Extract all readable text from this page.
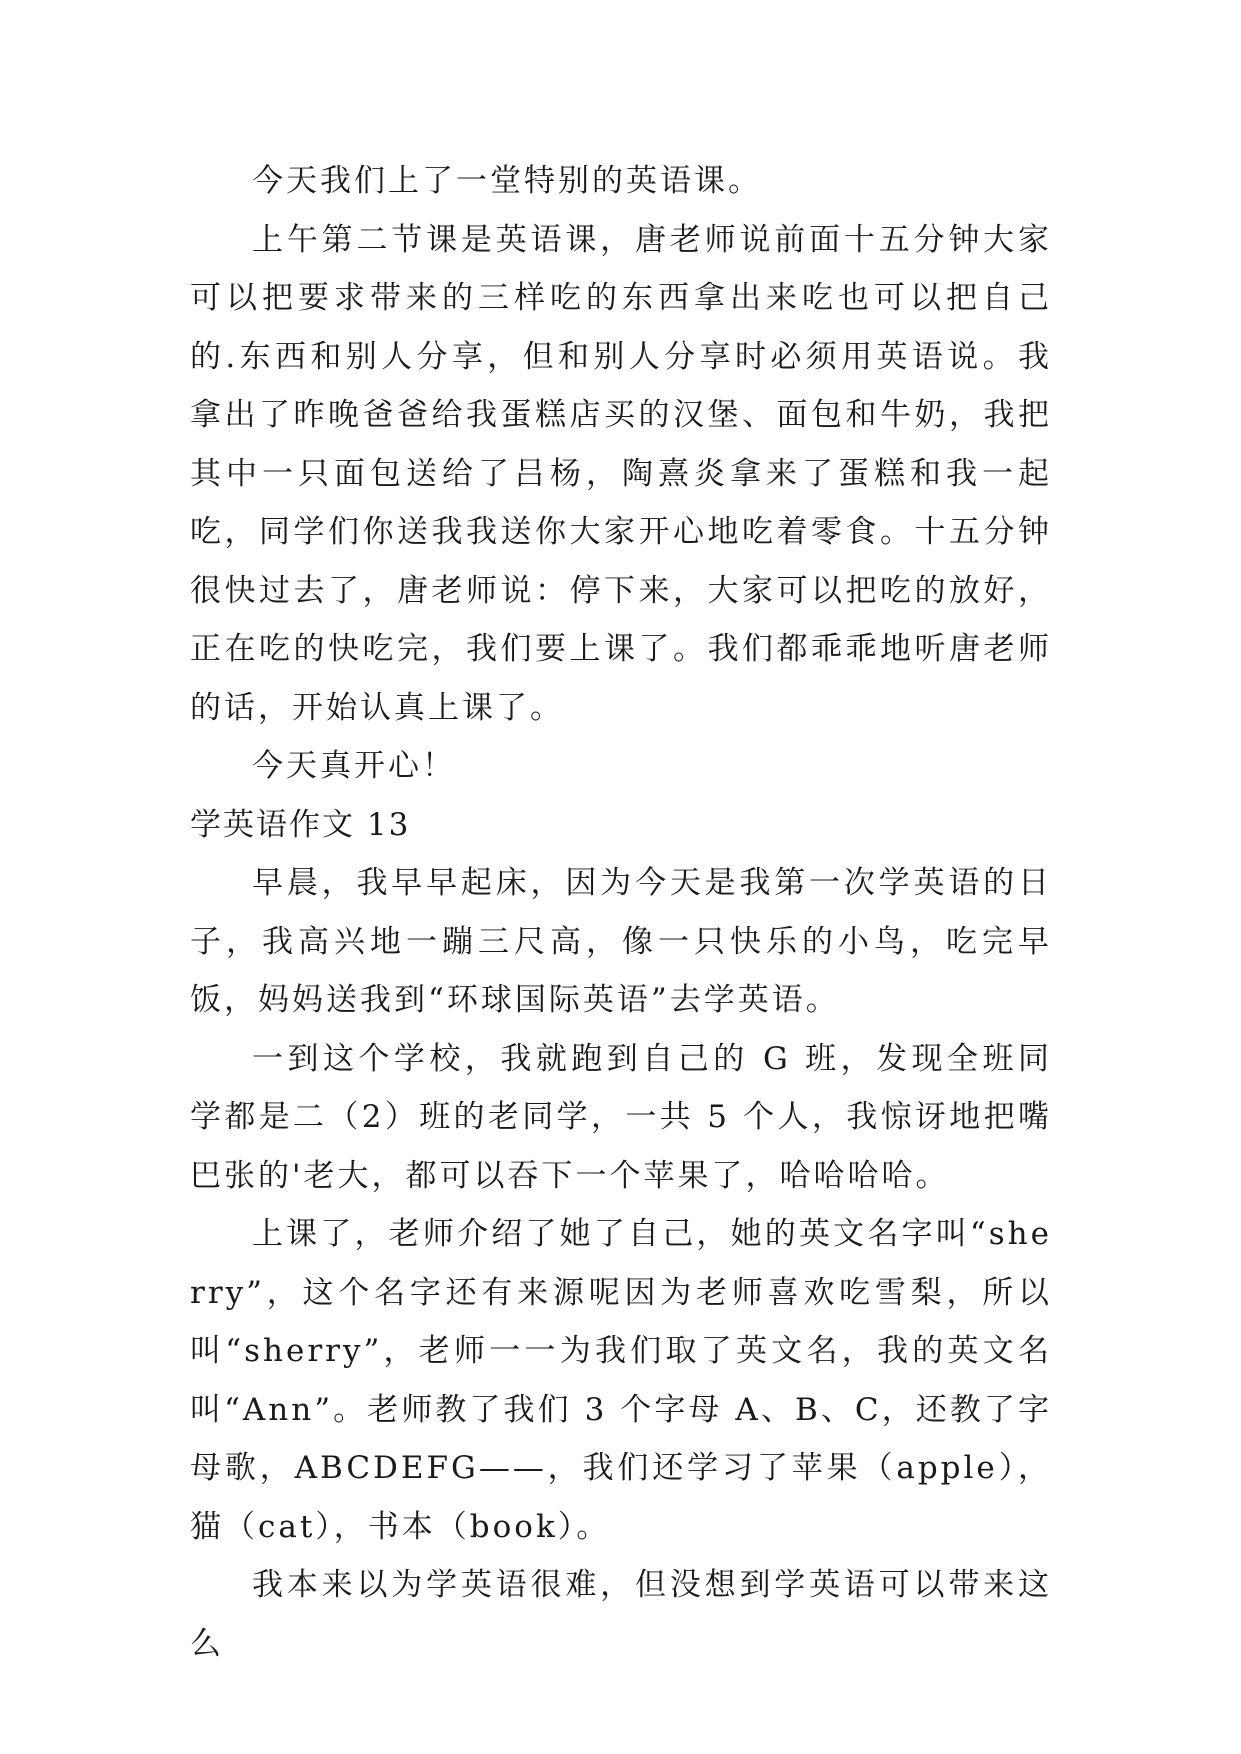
今天我们上了一堂特别的英语课。

上午第二节课是英语课，唐老师说前面十五分钟大家可以把要求带来的三样吃的东西拿出来吃也可以把自己的.东西和别人分享，但和别人分享时必须用英语说。我拿出了昨晚爸爸给我蛋糕店买的汉堡、面包和牛奶，我把其中一只面包送给了吕杨，陶熹炎拿来了蛋糕和我一起吃，同学们你送我我送你大家开心地吃着零食。十五分钟很快过去了，唐老师说：停下来，大家可以把吃的放好，正在吃的快吃完，我们要上课了。我们都乖乖地听唐老师的话，开始认真上课了。

今天真开心！

学英语作文 13

早晨，我早早起床，因为今天是我第一次学英语的日子，我高兴地一蹦三尺高，像一只快乐的小鸟，吃完早饭，妈妈送我到“环球国际英语”去学英语。

一到这个学校，我就跑到自己的 G 班，发现全班同学都是二（2）班的老同学，一共 5 个人，我惊讶地把嘴巴张的'老大，都可以吞下一个苹果了，哈哈哈哈。

上课了，老师介绍了她了自己，她的英文名字叫“sherry”，这个名字还有来源呢因为老师喜欢吃雪梨，所以叫“sherry”，老师一一为我们取了英文名，我的英文名叫“Ann”。老师教了我们 3 个字母 A、B、C，还教了字母歌，ABCDEFG——，我们还学习了苹果（apple），猫（cat），书本（book）。

我本来以为学英语很难，但没想到学英语可以带来这么
